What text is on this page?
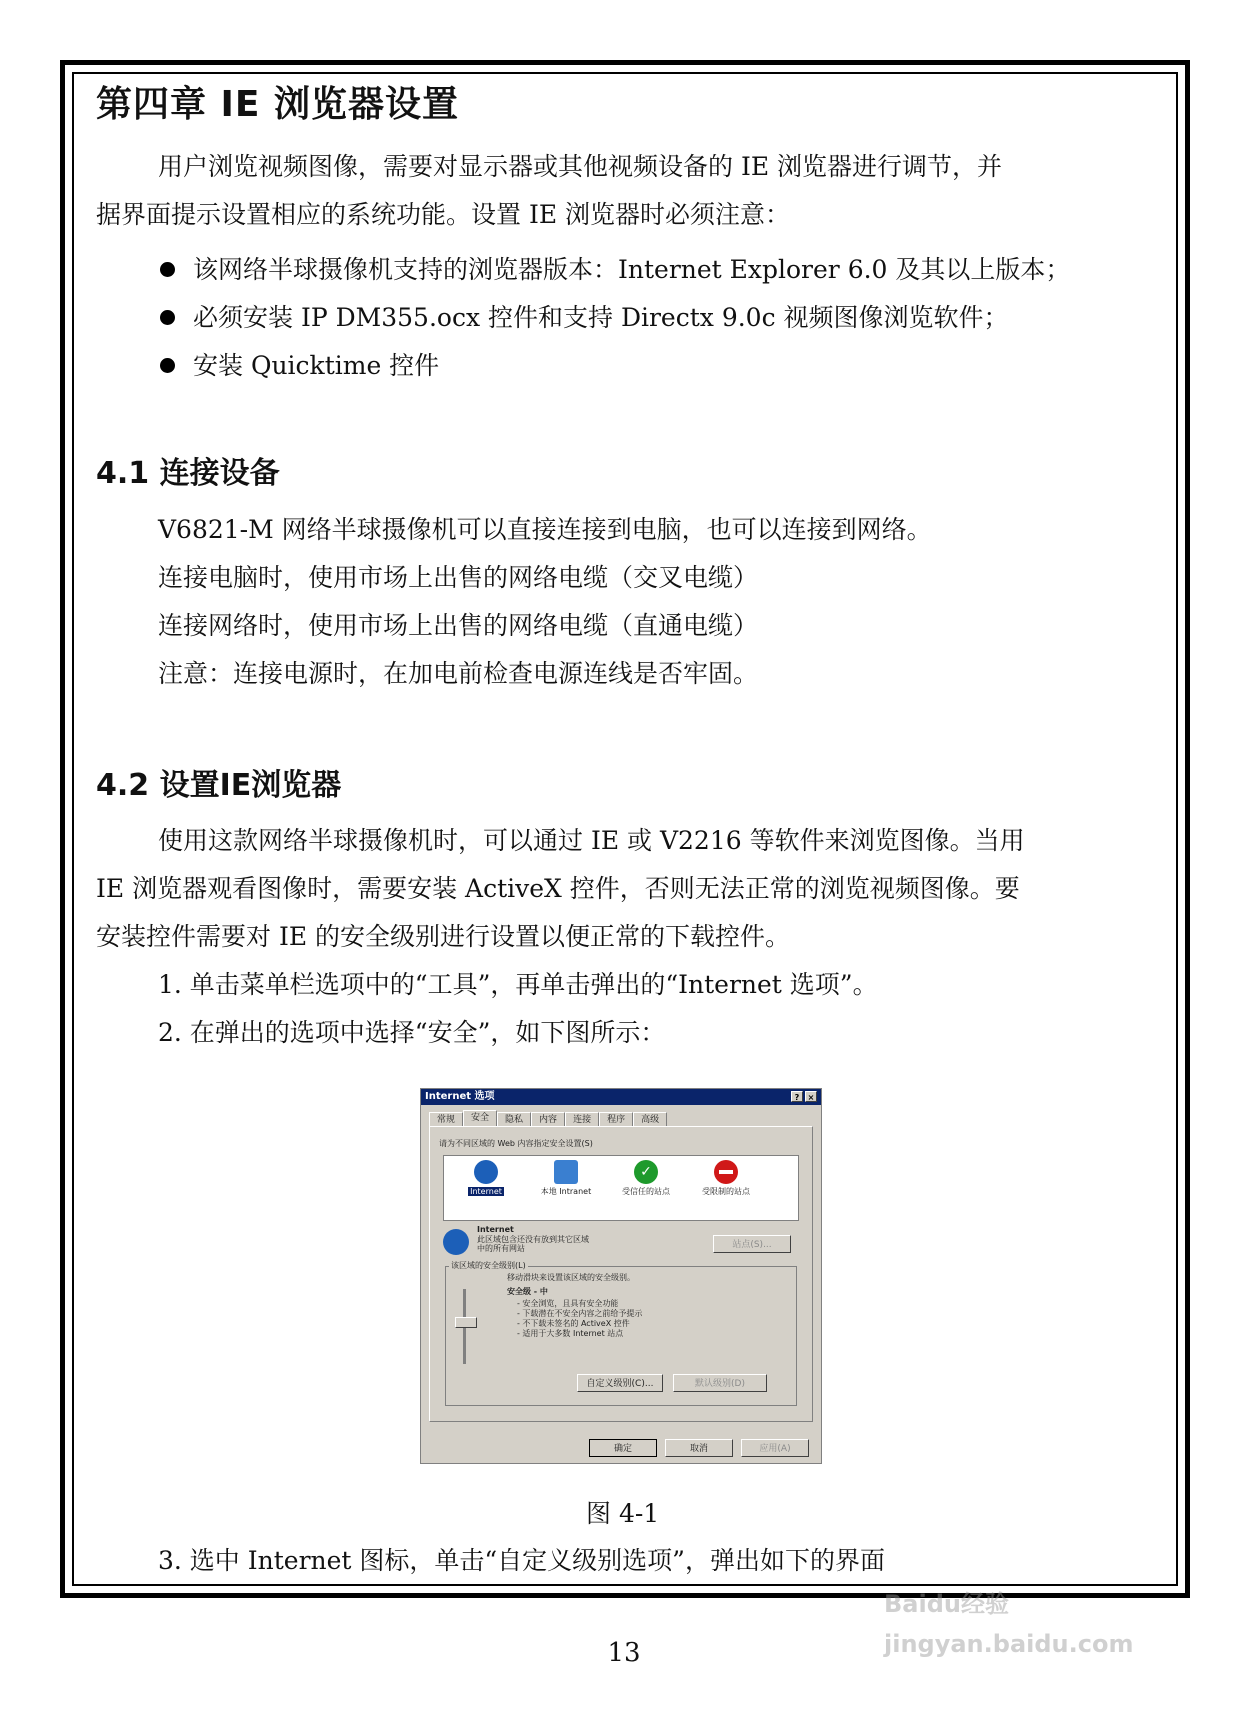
第四章 IE 浏览器设置
用户浏览视频图像，需要对显示器或其他视频设备的 IE 浏览器进行调节，并
据界面提示设置相应的系统功能。设置 IE 浏览器时必须注意：
该网络半球摄像机支持的浏览器版本：Internet Explorer 6.0 及其以上版本；
必须安装 IP DM355.ocx 控件和支持 Directx 9.0c 视频图像浏览软件；
安装 Quicktime 控件
4.1 连接设备
V6821-M 网络半球摄像机可以直接连接到电脑，也可以连接到网络。
连接电脑时，使用市场上出售的网络电缆（交叉电缆）
连接网络时，使用市场上出售的网络电缆（直通电缆）
注意：连接电源时，在加电前检查电源连线是否牢固。
4.2 设置IE浏览器
使用这款网络半球摄像机时，可以通过 IE 或 V2216 等软件来浏览图像。当用
IE 浏览器观看图像时，需要安装 ActiveX 控件，否则无法正常的浏览视频图像。要
安装控件需要对 IE 的安全级别进行设置以便正常的下载控件。
1. 单击菜单栏选项中的“工具”，再单击弹出的“Internet 选项”。
2. 在弹出的选项中选择“安全”，如下图所示：
Internet 选项	?	×
常规	安全	隐私	内容	连接	程序	高级
请为不同区域的 Web 内容指定安全设置(S)
Internet	本地 Intranet
✓
受信任的站点	受限制的站点
Internet
此区域包含还没有放到其它区域
中的所有网站	站点(S)...
该区域的安全级别(L)
移动滑块来设置该区域的安全级别。
安全级 - 中
- 安全浏览，且具有安全功能
- 下载潜在不安全内容之前给予提示
- 不下载未签名的 ActiveX 控件
- 适用于大多数 Internet 站点
自定义级别(C)...	默认级别(D)
确定	取消	应用(A)
图 4-1
3. 选中 Internet 图标，单击“自定义级别选项”，弹出如下的界面
13
Baidu经验 jingyan.baidu.com
